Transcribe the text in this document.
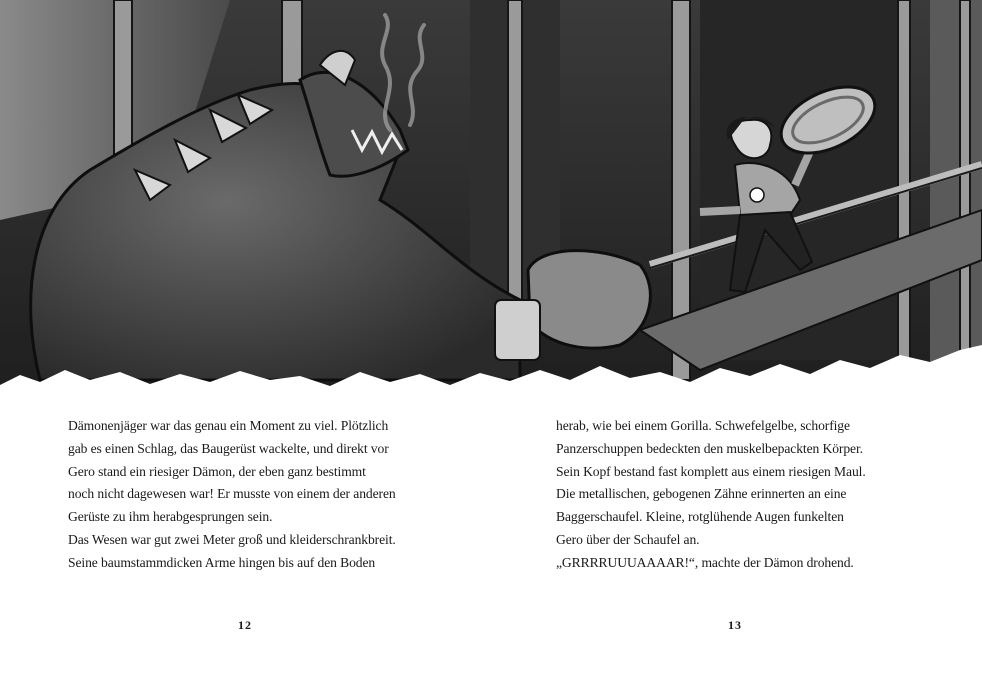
Dämonenjäger war das genau ein Moment zu viel. Plötzlich

gab es einen Schlag, das Baugerüst wackelte, und direkt vor

Gero stand ein riesiger Dämon, der eben ganz bestimmt

noch nicht dagewesen war! Er musste von einem der anderen

Gerüste zu ihm herabgesprungen sein.

Das Wesen war gut zwei Meter groß und kleiderschrankbreit.

Seine baumstammdicken Arme hingen bis auf den Boden

herab, wie bei einem Gorilla. Schwefelgelbe, schorfige

Panzerschuppen bedeckten den muskelbepackten Körper.

Sein Kopf bestand fast komplett aus einem riesigen Maul.

Die metallischen, gebogenen Zähne erinnerten an eine

Baggerschaufel. Kleine, rotglühende Augen funkelten

Gero über der Schaufel an.

„GRRRRUUUAAAAR!“, machte der Dämon drohend.

12	13
